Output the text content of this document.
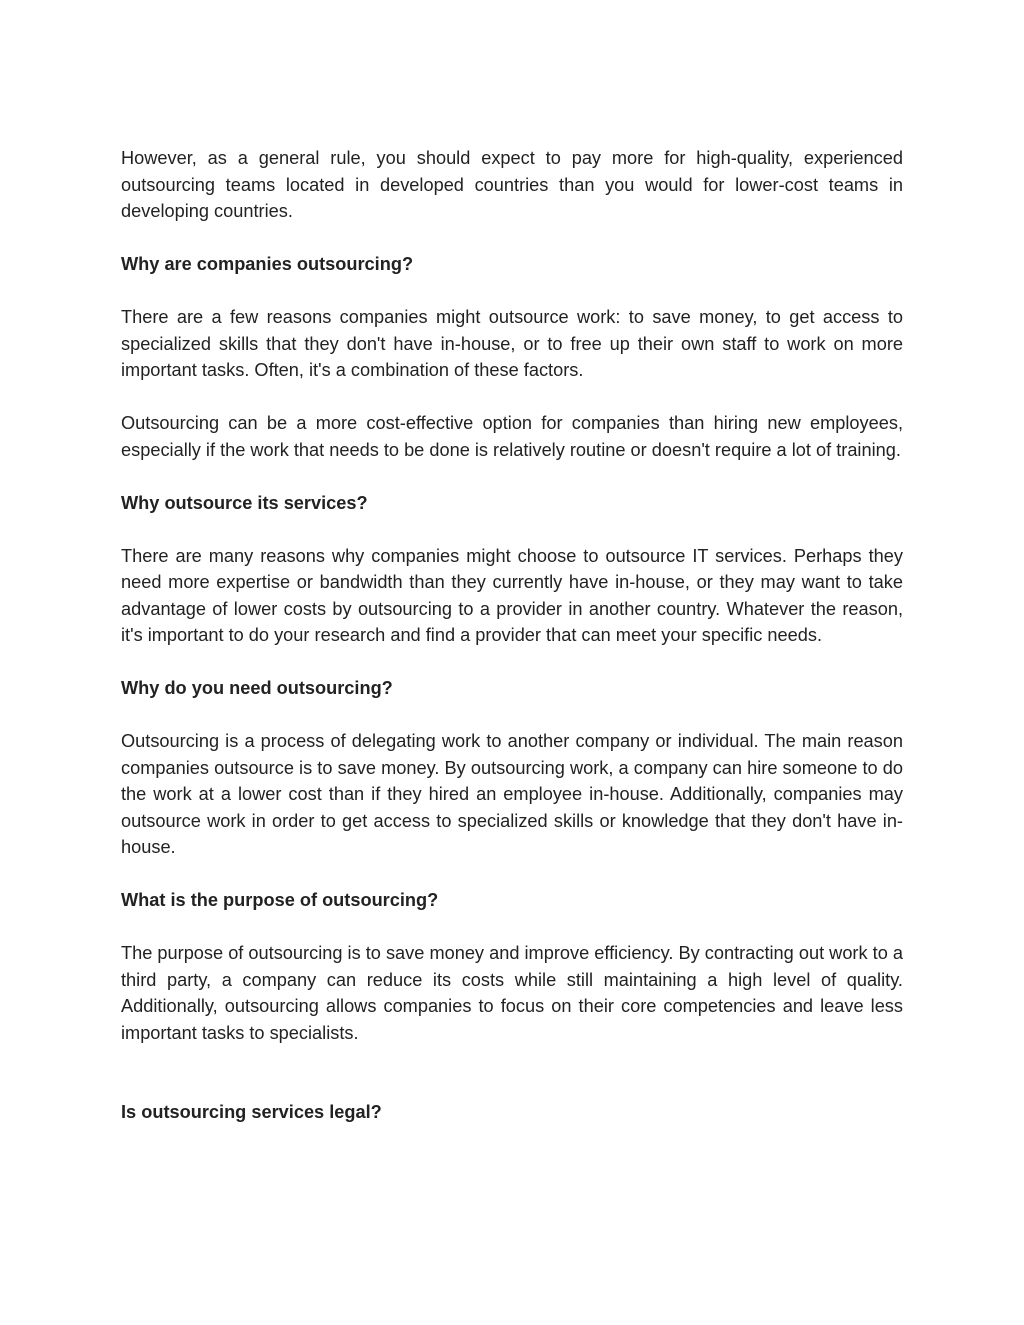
However, as a general rule, you should expect to pay more for high-quality, experienced outsourcing teams located in developed countries than you would for lower-cost teams in developing countries.

Why are companies outsourcing?

There are a few reasons companies might outsource work: to save money, to get access to specialized skills that they don't have in-house, or to free up their own staff to work on more important tasks. Often, it's a combination of these factors.

Outsourcing can be a more cost-effective option for companies than hiring new employees, especially if the work that needs to be done is relatively routine or doesn't require a lot of training.

Why outsource its services?

There are many reasons why companies might choose to outsource IT services. Perhaps they need more expertise or bandwidth than they currently have in-house, or they may want to take advantage of lower costs by outsourcing to a provider in another country. Whatever the reason, it's important to do your research and find a provider that can meet your specific needs.

Why do you need outsourcing?

Outsourcing is a process of delegating work to another company or individual. The main reason companies outsource is to save money. By outsourcing work, a company can hire someone to do the work at a lower cost than if they hired an employee in-house. Additionally, companies may outsource work in order to get access to specialized skills or knowledge that they don't have in-house.

What is the purpose of outsourcing?

The purpose of outsourcing is to save money and improve efficiency. By contracting out work to a third party, a company can reduce its costs while still maintaining a high level of quality. Additionally, outsourcing allows companies to focus on their core competencies and leave less important tasks to specialists.

Is outsourcing services legal?
